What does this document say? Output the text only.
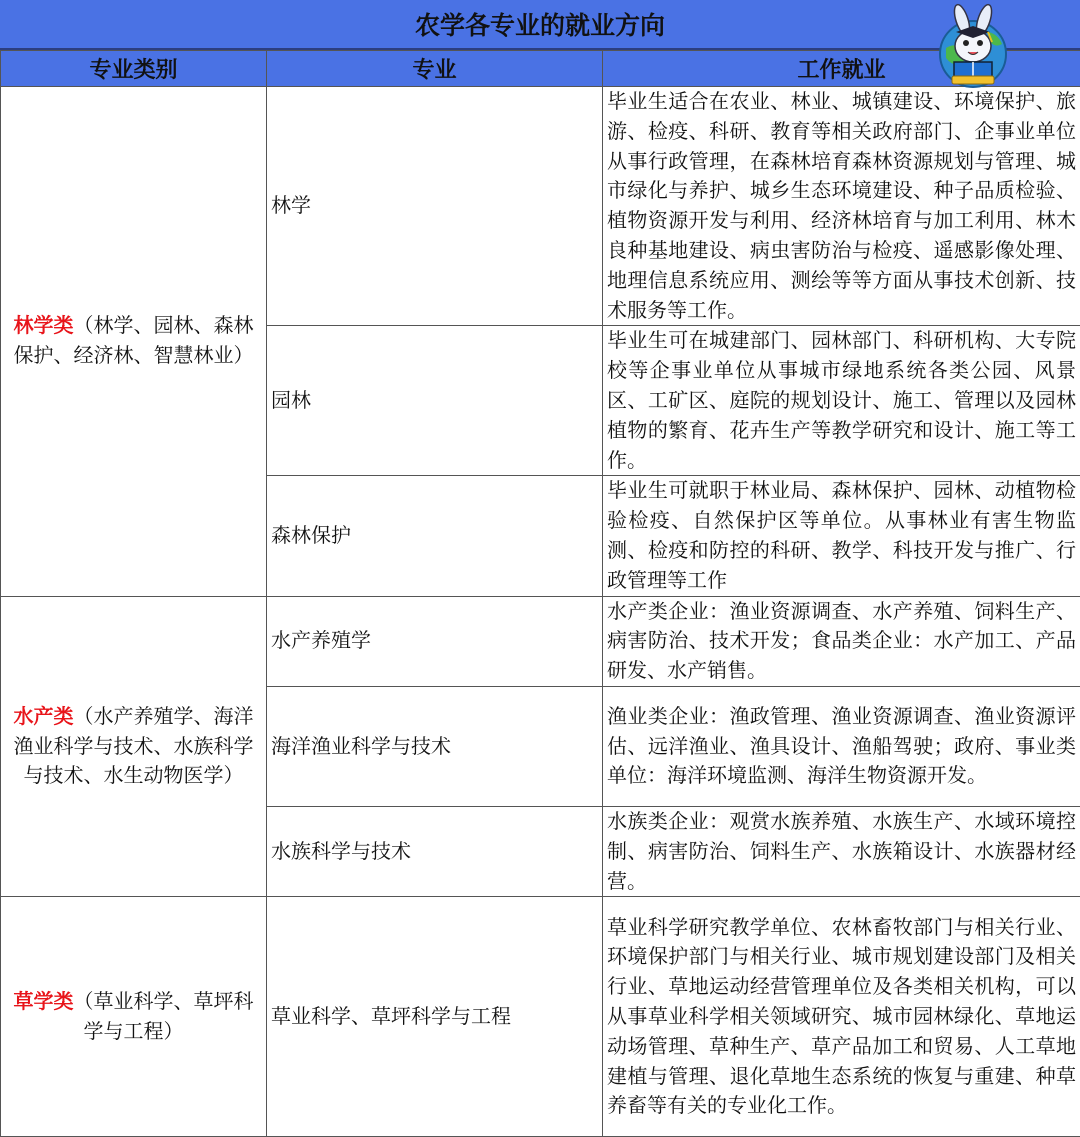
农学各专业的就业方向
专业类别	专业	工作就业
林学类（林学、园林、森林保护、经济林、智慧林业）	林学	毕业生适合在农业、林业、城镇建设、环境保护、旅游、检疫、科研、教育等相关政府部门、企事业单位从事行政管理，在森林培育森林资源规划与管理、城市绿化与养护、城乡生态环境建设、种子品质检验、植物资源开发与利用、经济林培育与加工利用、林木良种基地建设、病虫害防治与检疫、遥感影像处理、地理信息系统应用、测绘等等方面从事技术创新、技术服务等工作。
	园林	毕业生可在城建部门、园林部门、科研机构、大专院校等企事业单位从事城市绿地系统各类公园、风景区、工矿区、庭院的规划设计、施工、管理以及园林植物的繁育、花卉生产等教学研究和设计、施工等工作。
	森林保护	毕业生可就职于林业局、森林保护、园林、动植物检验检疫、自然保护区等单位。从事林业有害生物监测、检疫和防控的科研、教学、科技开发与推广、行政管理等工作
水产类（水产养殖学、海洋渔业科学与技术、水族科学与技术、水生动物医学）	水产养殖学	水产类企业：渔业资源调查、水产养殖、饲料生产、病害防治、技术开发；食品类企业：水产加工、产品研发、水产销售。
	海洋渔业科学与技术	渔业类企业：渔政管理、渔业资源调查、渔业资源评估、远洋渔业、渔具设计、渔船驾驶；政府、事业类单位：海洋环境监测、海洋生物资源开发。
	水族科学与技术	水族类企业：观赏水族养殖、水族生产、水域环境控制、病害防治、饲料生产、水族箱设计、水族器材经营。
草学类（草业科学、草坪科学与工程）	草业科学、草坪科学与工程	草业科学研究教学单位、农林畜牧部门与相关行业、环境保护部门与相关行业、城市规划建设部门及相关行业、草地运动经营管理单位及各类相关机构，可以从事草业科学相关领域研究、城市园林绿化、草地运动场管理、草种生产、草产品加工和贸易、人工草地建植与管理、退化草地生态系统的恢复与重建、种草养畜等有关的专业化工作。
